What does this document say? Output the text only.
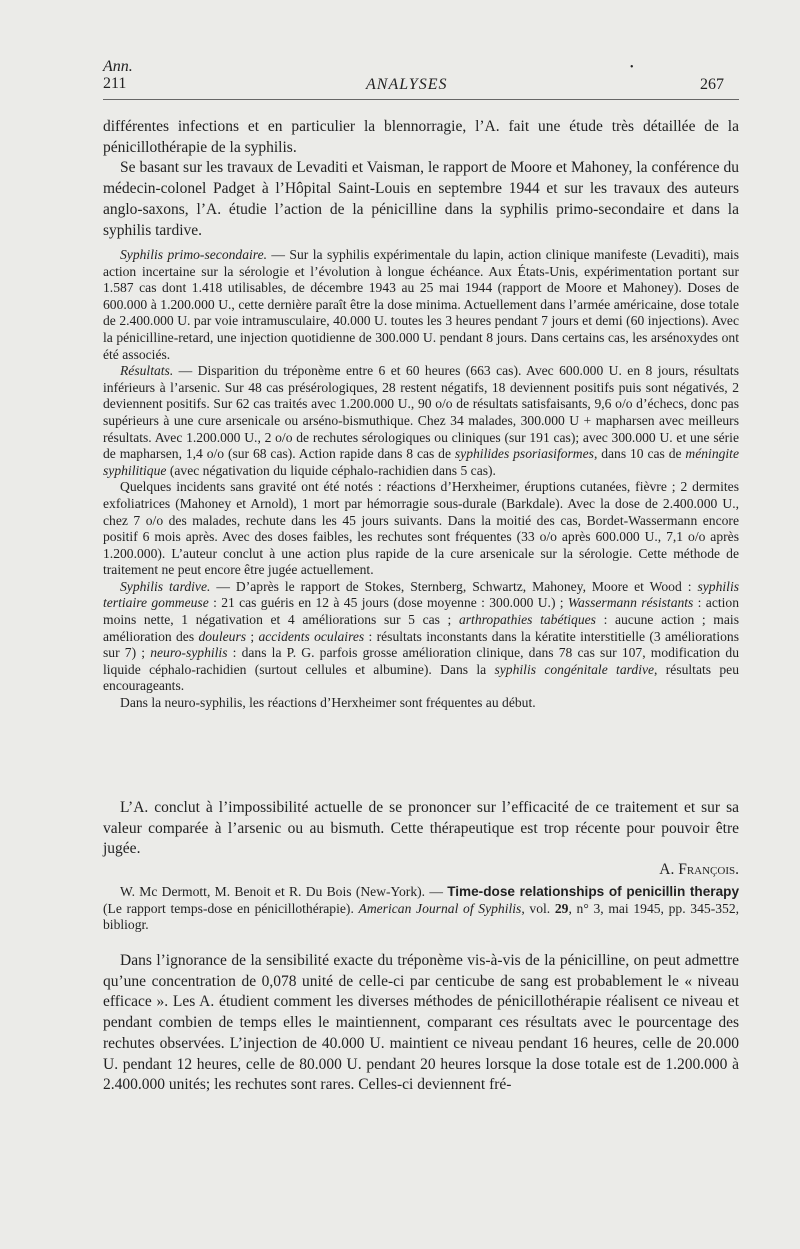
Ann.
211
•
ANALYSES	267

différentes infections et en particulier la blennorragie, l’A. fait une étude très détaillée de la pénicillothérapie de la syphilis.

Se basant sur les travaux de Levaditi et Vaisman, le rapport de Moore et Mahoney, la conférence du médecin-colonel Padget à l’Hôpital Saint-Louis en septembre 1944 et sur les travaux des auteurs anglo-saxons, l’A. étudie l’action de la pénicilline dans la syphilis primo-secondaire et dans la syphilis tardive.

Syphilis primo-secondaire. — Sur la syphilis expérimentale du lapin, action clinique manifeste (Levaditi), mais action incertaine sur la sérologie et l’évolution à longue échéance. Aux États-Unis, expérimentation portant sur 1.587 cas dont 1.418 utilisables, de décembre 1943 au 25 mai 1944 (rapport de Moore et Mahoney). Doses de 600.000 à 1.200.000 U., cette dernière paraît être la dose minima. Actuellement dans l’armée américaine, dose totale de 2.400.000 U. par voie intramusculaire, 40.000 U. toutes les 3 heures pendant 7 jours et demi (60 injections). Avec la pénicilline-retard, une injection quotidienne de 300.000 U. pendant 8 jours. Dans certains cas, les arsénoxydes ont été associés.

Résultats. — Disparition du tréponème entre 6 et 60 heures (663 cas). Avec 600.000 U. en 8 jours, résultats inférieurs à l’arsenic. Sur 48 cas présérologiques, 28 restent négatifs, 18 deviennent positifs puis sont négativés, 2 deviennent positifs. Sur 62 cas traités avec 1.200.000 U., 90 o/o de résultats satisfaisants, 9,6 o/o d’échecs, donc pas supérieurs à une cure arsenicale ou arséno-bismuthique. Chez 34 malades, 300.000 U + mapharsen avec meilleurs résultats. Avec 1.200.000 U., 2 o/o de rechutes sérologiques ou cliniques (sur 191 cas); avec 300.000 U. et une série de mapharsen, 1,4 o/o (sur 68 cas). Action rapide dans 8 cas de syphilides psoriasiformes, dans 10 cas de méningite syphilitique (avec négativation du liquide céphalo-rachidien dans 5 cas).

Quelques incidents sans gravité ont été notés : réactions d’Herxheimer, éruptions cutanées, fièvre ; 2 dermites exfoliatrices (Mahoney et Arnold), 1 mort par hémorragie sous-durale (Barkdale). Avec la dose de 2.400.000 U., chez 7 o/o des malades, rechute dans les 45 jours suivants. Dans la moitié des cas, Bordet-Wassermann encore positif 6 mois après. Avec des doses faibles, les rechutes sont fréquentes (33 o/o après 600.000 U., 7,1 o/o après 1.200.000). L’auteur conclut à une action plus rapide de la cure arsenicale sur la sérologie. Cette méthode de traitement ne peut encore être jugée actuellement.

Syphilis tardive. — D’après le rapport de Stokes, Sternberg, Schwartz, Mahoney, Moore et Wood : syphilis tertiaire gommeuse : 21 cas guéris en 12 à 45 jours (dose moyenne : 300.000 U.) ; Wassermann résistants : action moins nette, 1 négativation et 4 améliorations sur 5 cas ; arthropathies tabétiques : aucune action ; mais amélioration des douleurs ; accidents oculaires : résultats inconstants dans la kératite interstitielle (3 améliorations sur 7) ; neuro-syphilis : dans la P. G. parfois grosse amélioration clinique, dans 78 cas sur 107, modification du liquide céphalo-rachidien (surtout cellules et albumine). Dans la syphilis congénitale tardive, résultats peu encourageants.

Dans la neuro-syphilis, les réactions d’Herxheimer sont fréquentes au début.

L’A. conclut à l’impossibilité actuelle de se prononcer sur l’efficacité de ce traitement et sur sa valeur comparée à l’arsenic ou au bismuth. Cette thérapeutique est trop récente pour pouvoir être jugée.

A. François.

W. Mc Dermott, M. Benoit et R. Du Bois (New-York). — Time-dose relationships of penicillin therapy (Le rapport temps-dose en pénicillothérapie). American Journal of Syphilis, vol. 29, n° 3, mai 1945, pp. 345-352, bibliogr.

Dans l’ignorance de la sensibilité exacte du tréponème vis-à-vis de la pénicilline, on peut admettre qu’une concentration de 0,078 unité de celle-ci par centicube de sang est probablement le « niveau efficace ». Les A. étudient comment les diverses méthodes de pénicillothérapie réalisent ce niveau et pendant combien de temps elles le maintiennent, comparant ces résultats avec le pourcentage des rechutes observées. L’injection de 40.000 U. maintient ce niveau pendant 16 heures, celle de 20.000 U. pendant 12 heures, celle de 80.000 U. pendant 20 heures lorsque la dose totale est de 1.200.000 à 2.400.000 unités; les rechutes sont rares. Celles-ci deviennent fré-
